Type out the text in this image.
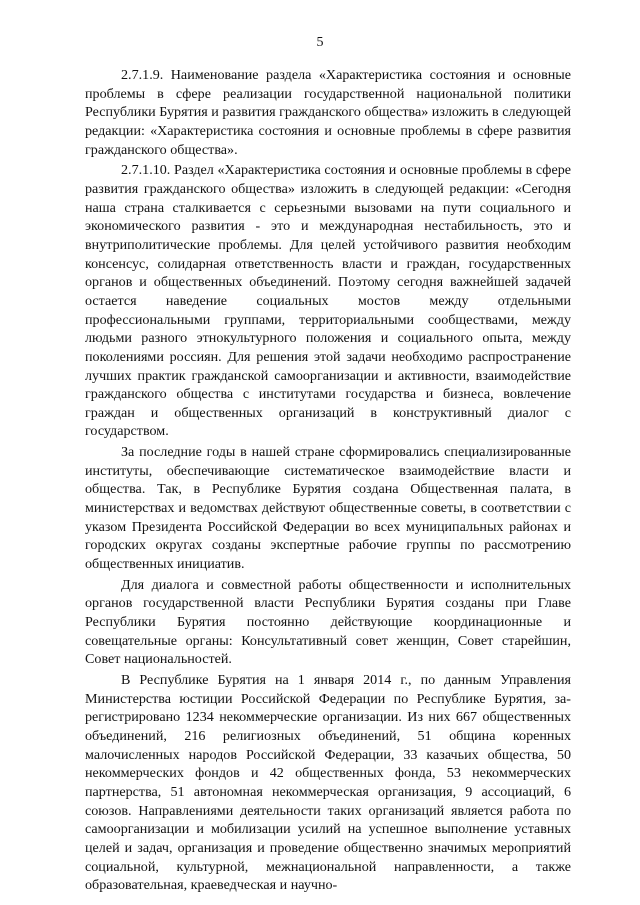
5

2.7.1.9. Наименование раздела «Характеристика состояния и основные проблемы в сфере реализации государственной национальной политики Республики Бурятия и развития гражданского общества» изложить в следующей редакции: «Характеристика состояния и основные проблемы в сфере развития гражданского общества».

2.7.1.10. Раздел «Характеристика состояния и основные проблемы в сфере развития гражданского общества» изложить в следующей редакции: «Сегодня наша страна сталкивается с серьезными вызовами на пути социального и экономического развития - это и международная нестабильность, это и внутриполитические проблемы. Для целей устойчивого развития необходим консенсус, солидарная ответственность власти и граждан, государственных органов и общественных объединений. Поэтому сегодня важнейшей задачей остается наведение социальных мостов между отдельными профессиональными группами, территориальными сообществами, между людьми разного этнокультурного положения и социального опыта, между поколениями россиян. Для решения этой задачи необходимо распространение лучших практик гражданской самоорганизации и активности, взаимодействие гражданского общества с институтами государства и бизнеса, вовлечение граждан и общественных организаций в конструктивный диалог с государством.

За последние годы в нашей стране сформировались специализированные институты, обеспечивающие систематическое взаимодействие власти и общества. Так, в Республике Бурятия создана Общественная палата, в министерствах и ведомствах действуют общественные советы, в соответствии с указом Президента Российской Федерации во всех муниципальных районах и городских округах созданы экспертные рабочие группы по рассмотрению общественных инициатив.

Для диалога и совместной работы общественности и исполнительных органов государственной власти Республики Бурятия созданы при Главе Республики Бурятия постоянно действующие координационные и совещательные органы: Консультативный совет женщин, Совет старейшин, Совет национальностей.

В Республике Бурятия на 1 января 2014 г., по данным Управления Министерства юстиции Российской Федерации по Республике Бурятия, зарегистрировано 1234 некоммерческие организации. Из них 667 общественных объединений, 216 религиозных объединений, 51 община коренных малочисленных народов Российской Федерации, 33 казачьих общества, 50 некоммерческих фондов и 42 общественных фонда, 53 некоммерческих партнерства, 51 автономная некоммерческая организация, 9 ассоциаций, 6 союзов. Направлениями деятельности таких организаций является работа по самоорганизации и мобилизации усилий на успешное выполнение уставных целей и задач, организация и проведение общественно значимых мероприятий социальной, культурной, межнациональной направленности, а также образовательная, краеведческая и научно-
